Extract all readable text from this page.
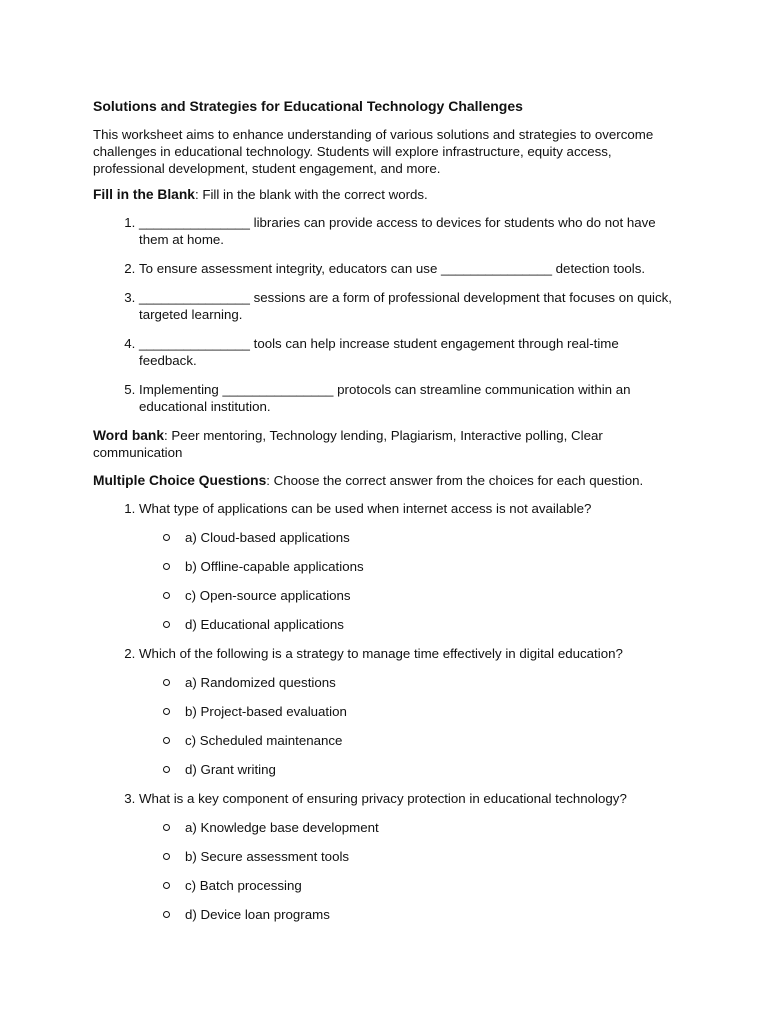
Solutions and Strategies for Educational Technology Challenges
This worksheet aims to enhance understanding of various solutions and strategies to overcome challenges in educational technology. Students will explore infrastructure, equity access, professional development, student engagement, and more.
Fill in the Blank: Fill in the blank with the correct words.
1. _______________ libraries can provide access to devices for students who do not have them at home.
2. To ensure assessment integrity, educators can use _______________ detection tools.
3. _______________ sessions are a form of professional development that focuses on quick, targeted learning.
4. _______________ tools can help increase student engagement through real-time feedback.
5. Implementing _______________ protocols can streamline communication within an educational institution.
Word bank: Peer mentoring, Technology lending, Plagiarism, Interactive polling, Clear communication
Multiple Choice Questions: Choose the correct answer from the choices for each question.
1. What type of applications can be used when internet access is not available?
a) Cloud-based applications
b) Offline-capable applications
c) Open-source applications
d) Educational applications
2. Which of the following is a strategy to manage time effectively in digital education?
a) Randomized questions
b) Project-based evaluation
c) Scheduled maintenance
d) Grant writing
3. What is a key component of ensuring privacy protection in educational technology?
a) Knowledge base development
b) Secure assessment tools
c) Batch processing
d) Device loan programs
